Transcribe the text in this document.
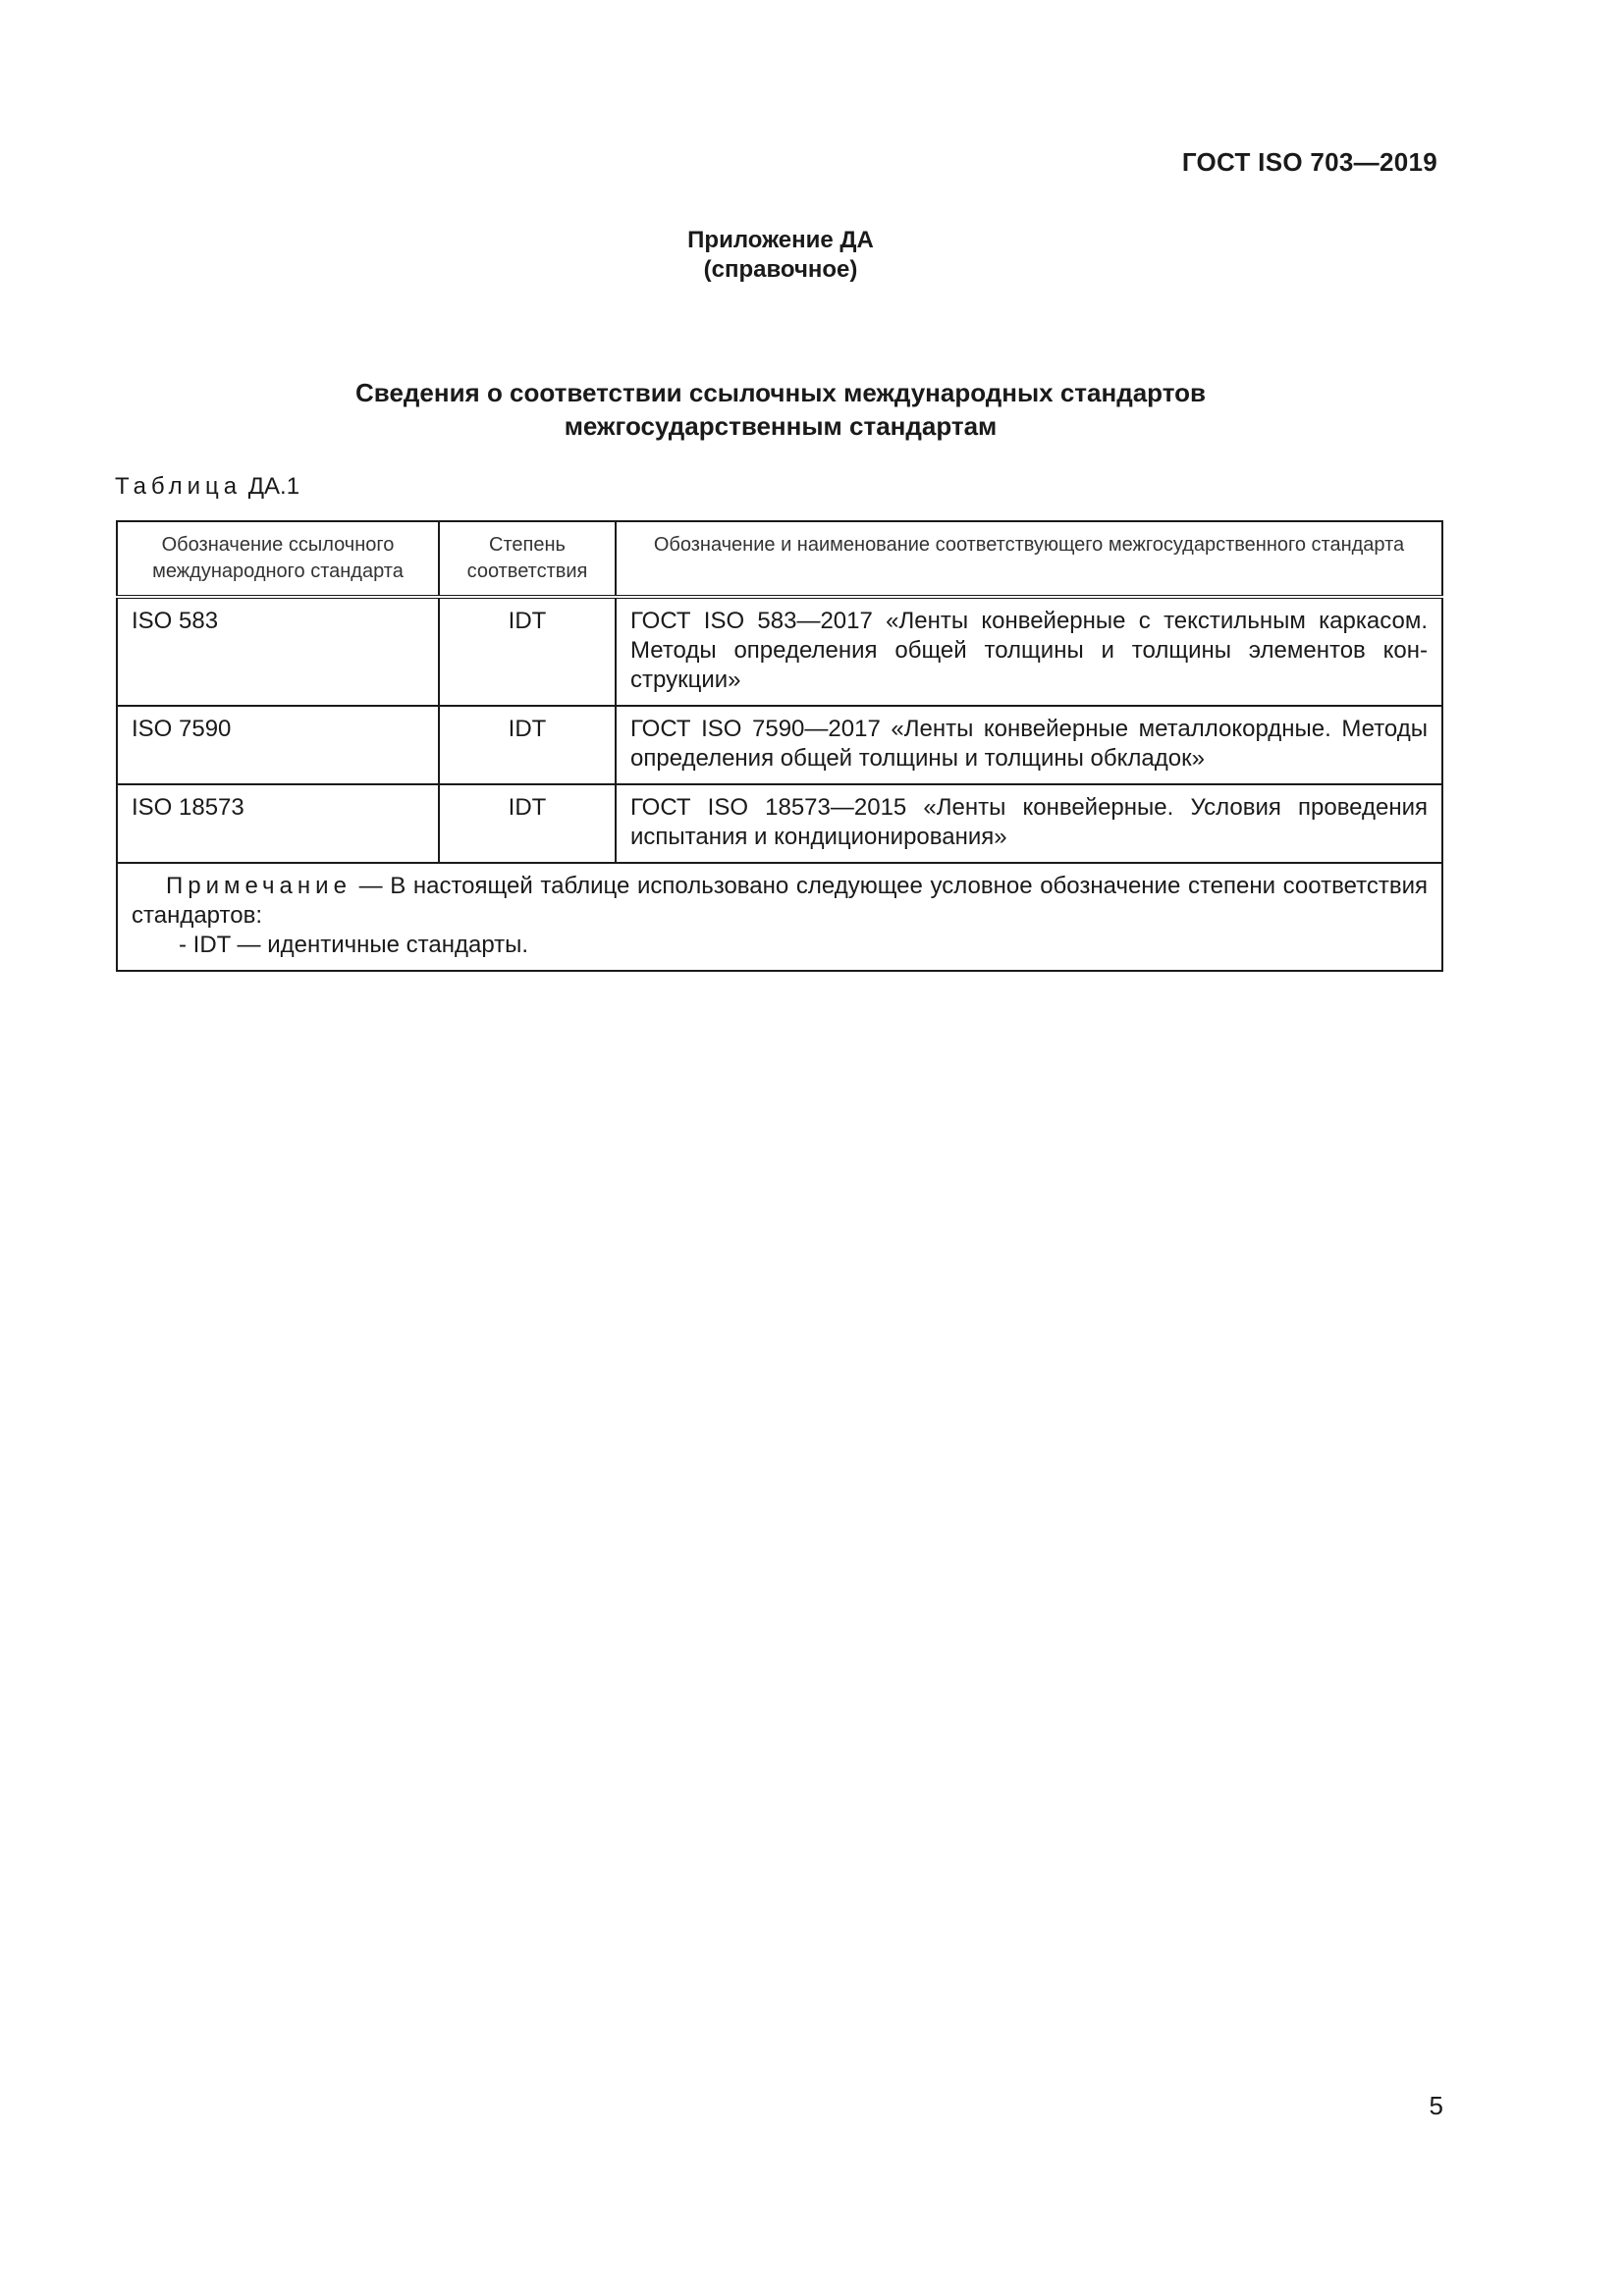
ГОСТ ISO 703—2019
Приложение ДА
(справочное)
Сведения о соответствии ссылочных международных стандартов
межгосударственным стандартам
Таблица ДА.1
Обозначение ссылочного международного стандарта	Степень соответствия	Обозначение и наименование соответствующего межгосударственного стандарта
ISO 583	IDT	ГОСТ ISO 583—2017 «Ленты конвейерные с текстильным каркасом. Методы определения общей толщины и толщины элементов конструкции»
ISO 7590	IDT	ГОСТ ISO 7590—2017 «Ленты конвейерные металлокордные. Методы определения общей толщины и толщины обкладок»
ISO 18573	IDT	ГОСТ ISO 18573—2015 «Ленты конвейерные. Условия проведения испытания и кондиционирования»

Примечание — В настоящей таблице использовано следующее условное обозначение степени соответствия стандартов:
- IDT — идентичные стандарты.		
5
